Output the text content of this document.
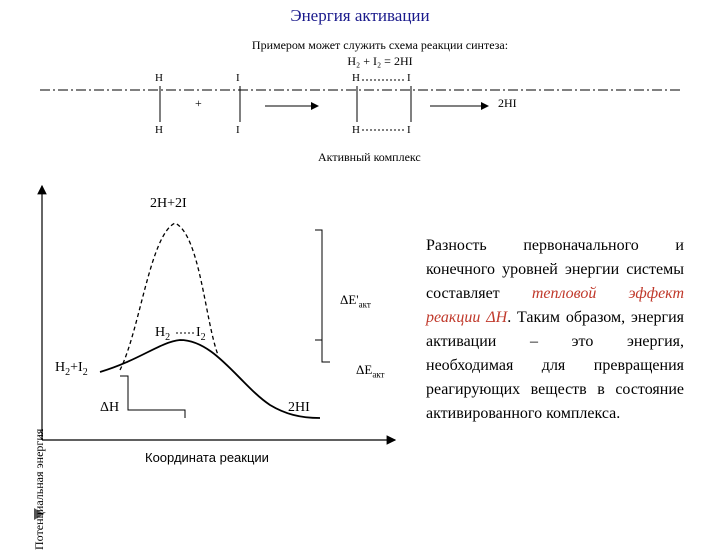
Энергия активации
Примером может служить схема реакции синтеза:
H₂ + I₂ = 2HI
H	I	H	I
+	2HI
H	I	H	I
Активный комплекс
Потенциальная энергия	Координата реакции
2H+2I
$H_2$ $I_2$
$H_2+I_2$
$\Delta E'_{акт}$
$\Delta E_{акт}$
ΔH	2HI
Разность первоначального и конечного уровней энергии системы составляет тепловой эффект реакции ΔH. Таким образом, энергия активации – это энергия, необходимая для превращения реагирующих веществ в состояние активированного комплекса.
